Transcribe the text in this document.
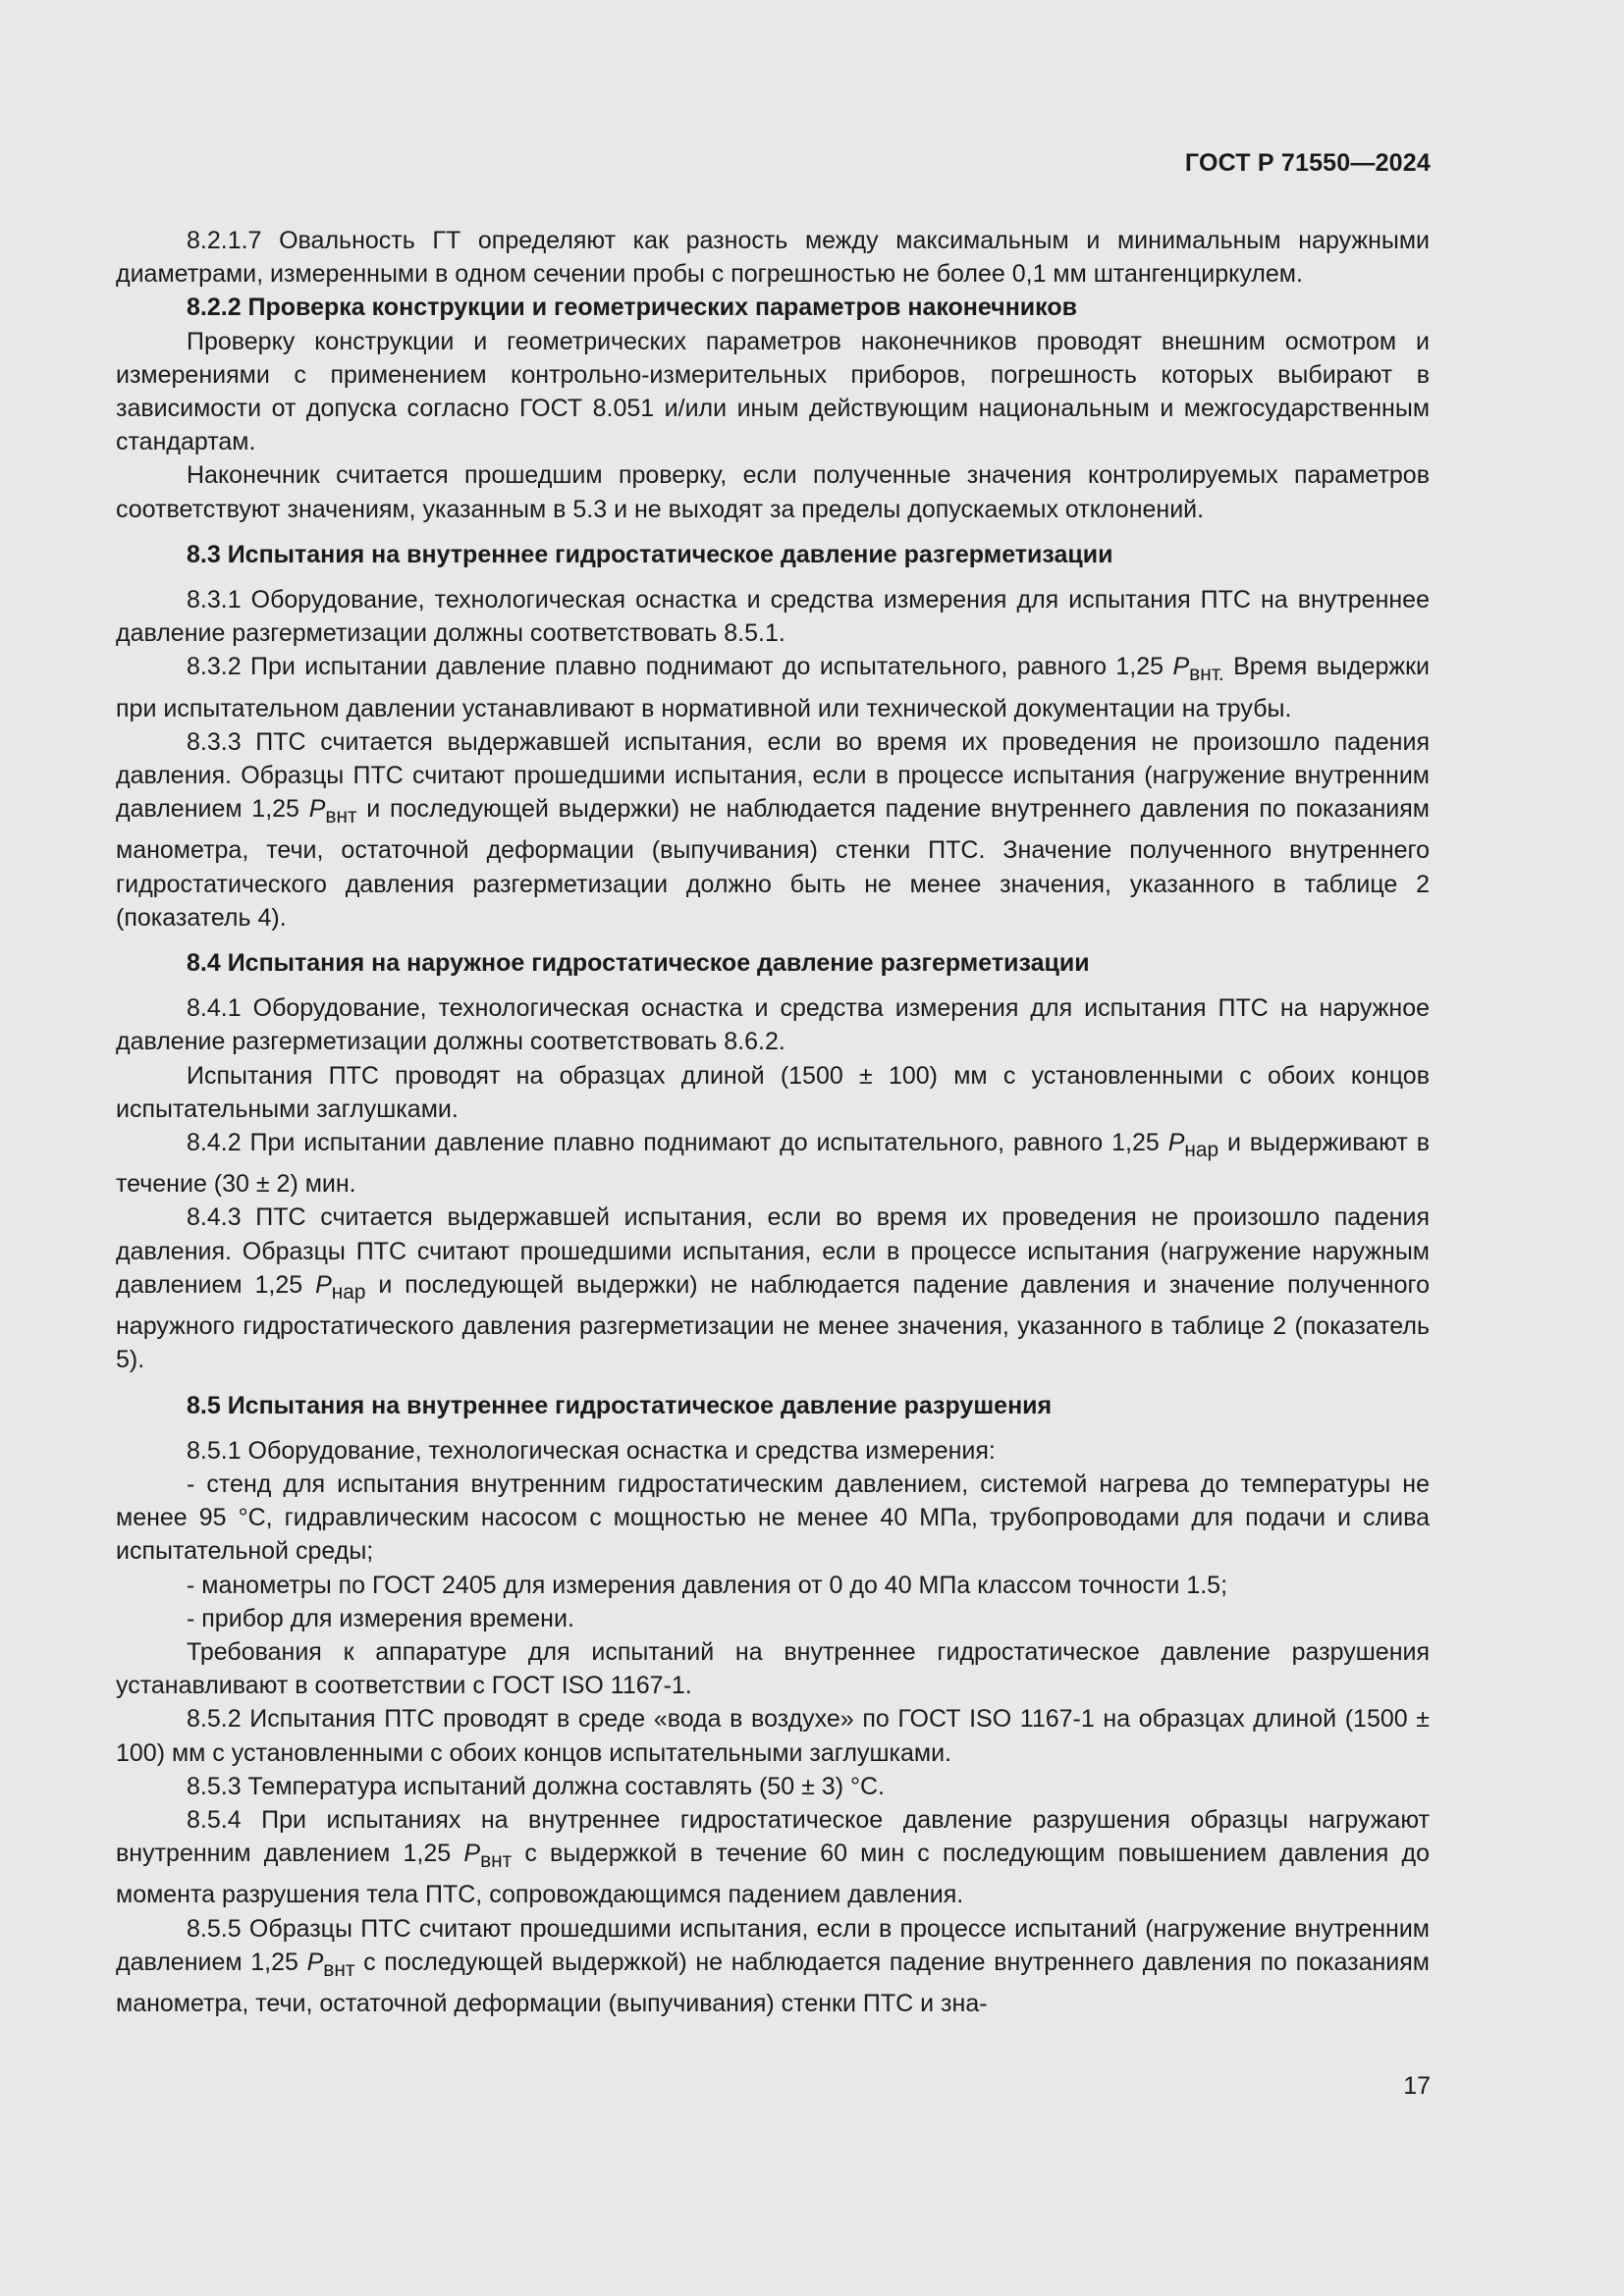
ГОСТ Р 71550—2024

8.2.1.7 Овальность ГТ определяют как разность между максимальным и минимальным наружными диаметрами, измеренными в одном сечении пробы с погрешностью не более 0,1 мм штангенциркулем.

8.2.2 Проверка конструкции и геометрических параметров наконечников

Проверку конструкции и геометрических параметров наконечников проводят внешним осмотром и измерениями с применением контрольно-измерительных приборов, погрешность которых выбирают в зависимости от допуска согласно ГОСТ 8.051 и/или иным действующим национальным и межгосударственным стандартам.

Наконечник считается прошедшим проверку, если полученные значения контролируемых параметров соответствуют значениям, указанным в 5.3 и не выходят за пределы допускаемых отклонений.

8.3 Испытания на внутреннее гидростатическое давление разгерметизации

8.3.1 Оборудование, технологическая оснастка и средства измерения для испытания ПТС на внутреннее давление разгерметизации должны соответствовать 8.5.1.

8.3.2 При испытании давление плавно поднимают до испытательного, равного 1,25 $P_{внт.}$ Время выдержки при испытательном давлении устанавливают в нормативной или технической документации на трубы.

8.3.3 ПТС считается выдержавшей испытания, если во время их проведения не произошло падения давления. Образцы ПТС считают прошедшими испытания, если в процессе испытания (нагружение внутренним давлением 1,25 $P_{внт}$ и последующей выдержки) не наблюдается падение внутреннего давления по показаниям манометра, течи, остаточной деформации (выпучивания) стенки ПТС. Значение полученного внутреннего гидростатического давления разгерметизации должно быть не менее значения, указанного в таблице 2 (показатель 4).

8.4 Испытания на наружное гидростатическое давление разгерметизации

8.4.1 Оборудование, технологическая оснастка и средства измерения для испытания ПТС на наружное давление разгерметизации должны соответствовать 8.6.2.

Испытания ПТС проводят на образцах длиной (1500 ± 100) мм с установленными с обоих концов испытательными заглушками.

8.4.2 При испытании давление плавно поднимают до испытательного, равного 1,25 $P_{нар}$ и выдерживают в течение (30 ± 2) мин.

8.4.3 ПТС считается выдержавшей испытания, если во время их проведения не произошло падения давления. Образцы ПТС считают прошедшими испытания, если в процессе испытания (нагружение наружным давлением 1,25 $P_{нар}$ и последующей выдержки) не наблюдается падение давления и значение полученного наружного гидростатического давления разгерметизации не менее значения, указанного в таблице 2 (показатель 5).

8.5 Испытания на внутреннее гидростатическое давление разрушения

8.5.1 Оборудование, технологическая оснастка и средства измерения:

- стенд для испытания внутренним гидростатическим давлением, системой нагрева до температуры не менее 95 °С, гидравлическим насосом с мощностью не менее 40 МПа, трубопроводами для подачи и слива испытательной среды;

- манометры по ГОСТ 2405 для измерения давления от 0 до 40 МПа классом точности 1.5;

- прибор для измерения времени.

Требования к аппаратуре для испытаний на внутреннее гидростатическое давление разрушения устанавливают в соответствии с ГОСТ ISO 1167-1.

8.5.2 Испытания ПТС проводят в среде «вода в воздухе» по ГОСТ ISO 1167-1 на образцах длиной (1500 ± 100) мм с установленными с обоих концов испытательными заглушками.

8.5.3 Температура испытаний должна составлять (50 ± 3) °С.

8.5.4 При испытаниях на внутреннее гидростатическое давление разрушения образцы нагружают внутренним давлением 1,25 $P_{внт}$ с выдержкой в течение 60 мин с последующим повышением давления до момента разрушения тела ПТС, сопровождающимся падением давления.

8.5.5 Образцы ПТС считают прошедшими испытания, если в процессе испытаний (нагружение внутренним давлением 1,25 $P_{внт}$ с последующей выдержкой) не наблюдается падение внутреннего давления по показаниям манометра, течи, остаточной деформации (выпучивания) стенки ПТС и зна-

17
